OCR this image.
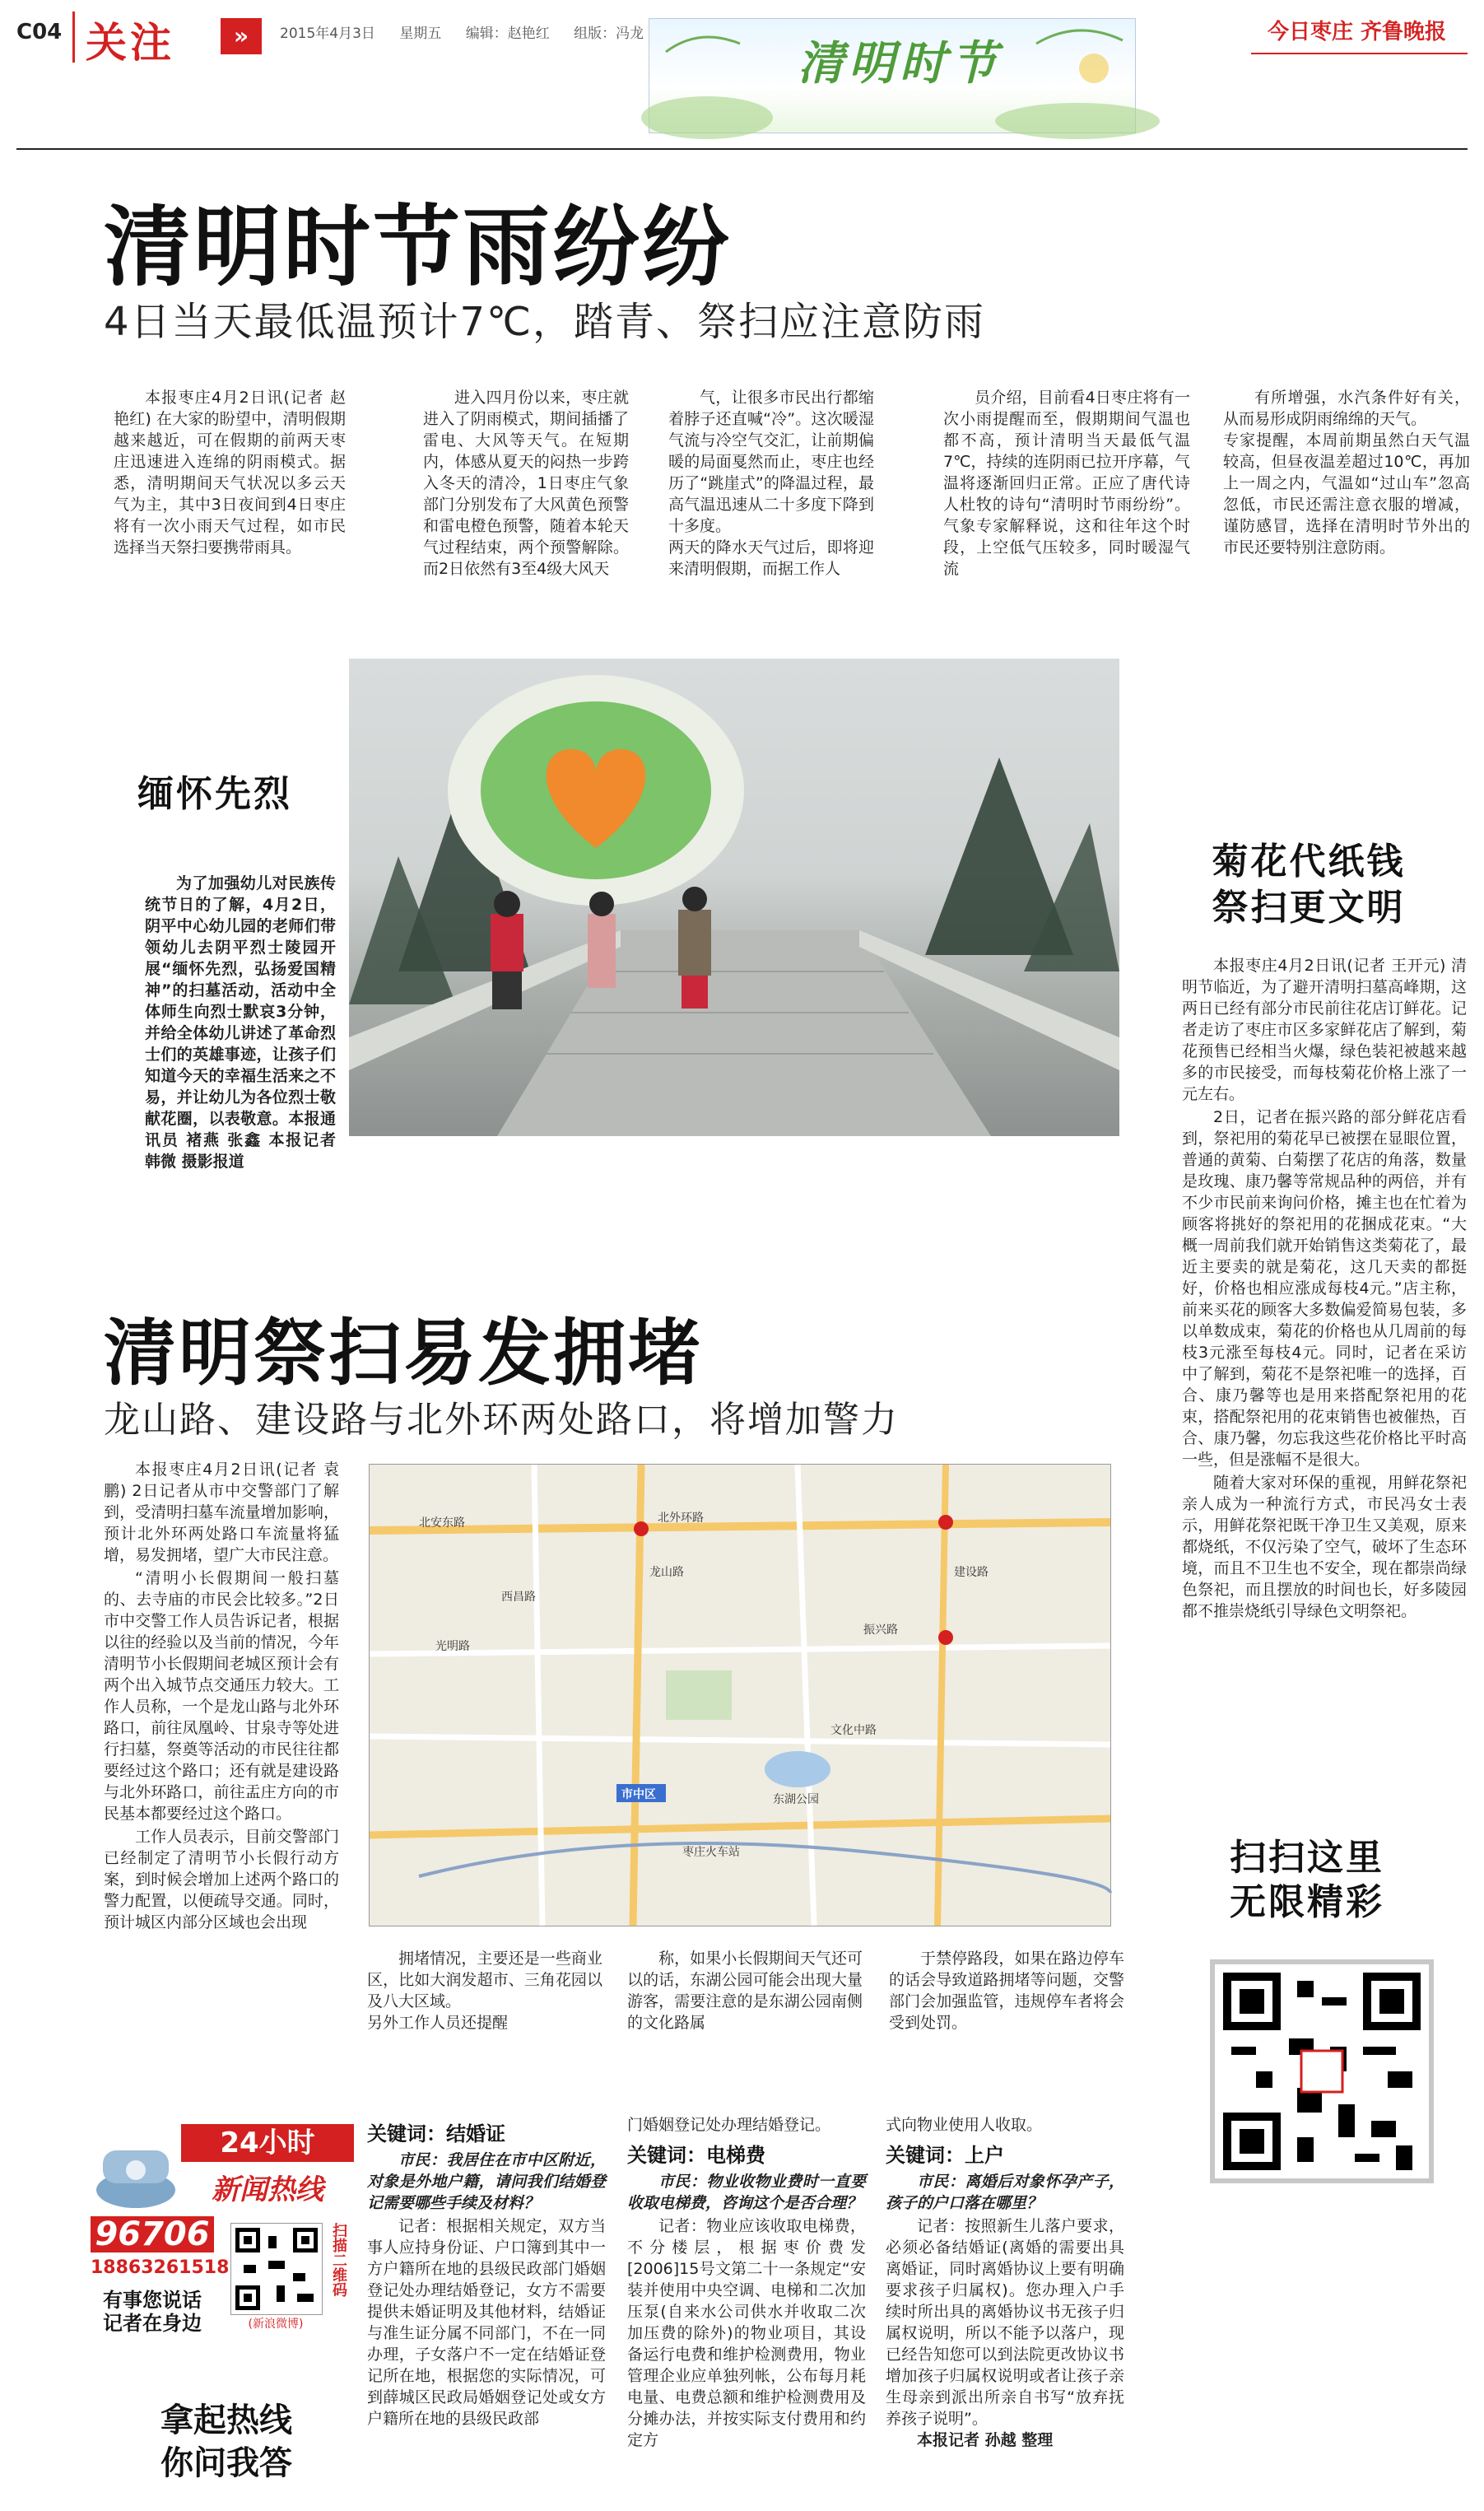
C04 关注	»	2015年4月3日 星期五 编辑：赵艳红 组版：冯龙
清明时节
今日枣庄 齐鲁晚报
清明时节雨纷纷
4日当天最低温预计7℃，踏青、祭扫应注意防雨

本报枣庄4月2日讯(记者 赵艳红) 在大家的盼望中，清明假期越来越近，可在假期的前两天枣庄迅速进入连绵的阴雨模式。据悉，清明期间天气状况以多云天气为主，其中3日夜间到4日枣庄将有一次小雨天气过程，如市民选择当天祭扫要携带雨具。

进入四月份以来，枣庄就进入了阴雨模式，期间插播了雷电、大风等天气。在短期内，体感从夏天的闷热一步跨入冬天的清冷，1日枣庄气象部门分别发布了大风黄色预警和雷电橙色预警，随着本轮天气过程结束，两个预警解除。而2日依然有3至4级大风天

气，让很多市民出行都缩着脖子还直喊“冷”。这次暖湿气流与冷空气交汇，让前期偏暖的局面戛然而止，枣庄也经历了“跳崖式”的降温过程，最高气温迅速从二十多度下降到十多度。
两天的降水天气过后，即将迎来清明假期，而据工作人

员介绍，目前看4日枣庄将有一次小雨提醒而至，假期期间气温也都不高，预计清明当天最低气温7℃，持续的连阴雨已拉开序幕，气温将逐渐回归正常。正应了唐代诗人杜牧的诗句“清明时节雨纷纷”。气象专家解释说，这和往年这个时段，上空低气压较多，同时暖湿气流

有所增强，水汽条件好有关，从而易形成阴雨绵绵的天气。
专家提醒，本周前期虽然白天气温较高，但昼夜温差超过10℃，再加上一周之内，气温如“过山车”忽高忽低，市民还需注意衣服的增减，谨防感冒，选择在清明时节外出的市民还要特别注意防雨。

缅怀先烈

为了加强幼儿对民族传统节日的了解，4月2日，阴平中心幼儿园的老师们带领幼儿去阴平烈士陵园开展“缅怀先烈，弘扬爱国精神”的扫墓活动，活动中全体师生向烈士默哀3分钟，并给全体幼儿讲述了革命烈士们的英雄事迹，让孩子们知道今天的幸福生活来之不易，并让幼儿为各位烈士敬献花圈，以表敬意。本报通讯员 褚燕 张鑫 本报记者 韩微 摄影报道

菊花代纸钱
祭扫更文明

本报枣庄4月2日讯(记者 王开元) 清明节临近，为了避开清明扫墓高峰期，这两日已经有部分市民前往花店订鲜花。记者走访了枣庄市区多家鲜花店了解到，菊花预售已经相当火爆，绿色装祀被越来越多的市民接受，而每枝菊花价格上涨了一元左右。

2日，记者在振兴路的部分鲜花店看到，祭祀用的菊花早已被摆在显眼位置，普通的黄菊、白菊摆了花店的角落，数量是玫瑰、康乃馨等常规品种的两倍，并有不少市民前来询问价格，摊主也在忙着为顾客将挑好的祭祀用的花捆成花束。“大概一周前我们就开始销售这类菊花了，最近主要卖的就是菊花，这几天卖的都挺好，价格也相应涨成每枝4元。”店主称，前来买花的顾客大多数偏爱简易包装，多以单数成束，菊花的价格也从几周前的每枝3元涨至每枝4元。同时，记者在采访中了解到，菊花不是祭祀唯一的选择，百合、康乃馨等也是用来搭配祭祀用的花束，搭配祭祀用的花束销售也被催热，百合、康乃馨，勿忘我这些花价格比平时高一些，但是涨幅不是很大。

随着大家对环保的重视，用鲜花祭祀亲人成为一种流行方式，市民冯女士表示，用鲜花祭祀既干净卫生又美观，原来都烧纸，不仅污染了空气，破坏了生态环境，而且不卫生也不安全，现在都崇尚绿色祭祀，而且摆放的时间也长，好多陵园都不推崇烧纸引导绿色文明祭祀。

扫扫这里
无限精彩
清明祭扫易发拥堵
龙山路、建设路与北外环两处路口，将增加警力

本报枣庄4月2日讯(记者 袁鹏) 2日记者从市中交警部门了解到，受清明扫墓车流量增加影响，预计北外环两处路口车流量将猛增，易发拥堵，望广大市民注意。

“清明小长假期间一般扫墓的、去寺庙的市民会比较多。”2日市中交警工作人员告诉记者，根据以往的经验以及当前的情况，今年清明节小长假期间老城区预计会有两个出入城节点交通压力较大。工作人员称，一个是龙山路与北外环路口，前往凤凰岭、甘泉寺等处进行扫墓，祭奠等活动的市民往往都要经过这个路口；还有就是建设路与北外环路口，前往盂庄方向的市民基本都要经过这个路口。

工作人员表示，目前交警部门已经制定了清明节小长假行动方案，到时候会增加上述两个路口的警力配置，以便疏导交通。同时，预计城区内部分区域也会出现

北外环路
北安东路
西昌路
文化中路
市中区
枣庄火车站
东湖公园
光明路
建设路
龙山路
振兴路

拥堵情况，主要还是一些商业区，比如大润发超市、三角花园以及八大区域。
另外工作人员还提醒

称，如果小长假期间天气还可以的话，东湖公园可能会出现大量游客，需要注意的是东湖公园南侧的文化路属

于禁停路段，如果在路边停车的话会导致道路拥堵等问题，交警部门会加强监管，违规停车者将会受到处罚。

24小时
新闻热线
96706
18863261518
有事您说话
记者在身边	(新浪微博)
扫描二维码
拿起热线
你问我答
关键词：结婚证

市民：我居住在市中区附近，对象是外地户籍，请问我们结婚登记需要哪些手续及材料？

记者：根据相关规定，双方当事人应持身份证、户口簿到其中一方户籍所在地的县级民政部门婚姻登记处办理结婚登记，女方不需要提供未婚证明及其他材料，结婚证与准生证分属不同部门，不在一同办理，子女落户不一定在结婚证登记所在地，根据您的实际情况，可到薛城区民政局婚姻登记处或女方户籍所在地的县级民政部

门婚姻登记处办理结婚登记。

关键词：电梯费

市民：物业收物业费时一直要收取电梯费，咨询这个是否合理？

记者：物业应该收取电梯费，不分楼层，根据枣价费发[2006]15号文第二十一条规定“安装并使用中央空调、电梯和二次加压泵(自来水公司供水并收取二次加压费的除外)的物业项目，其设备运行电费和维护检测费用，物业管理企业应单独列帐，公布每月耗电量、电费总额和维护检测费用及分摊办法，并按实际支付费用和约定方

式向物业使用人收取。

关键词：上户

市民：离婚后对象怀孕产子，孩子的户口落在哪里？

记者：按照新生儿落户要求，必须必备结婚证(离婚的需要出具离婚证，同时离婚协议上要有明确要求孩子归属权)。您办理入户手续时所出具的离婚协议书无孩子归属权说明，所以不能予以落户，现已经告知您可以到法院更改协议书增加孩子归属权说明或者让孩子亲生母亲到派出所亲自书写“放弃抚养孩子说明”。

本报记者 孙越 整理
